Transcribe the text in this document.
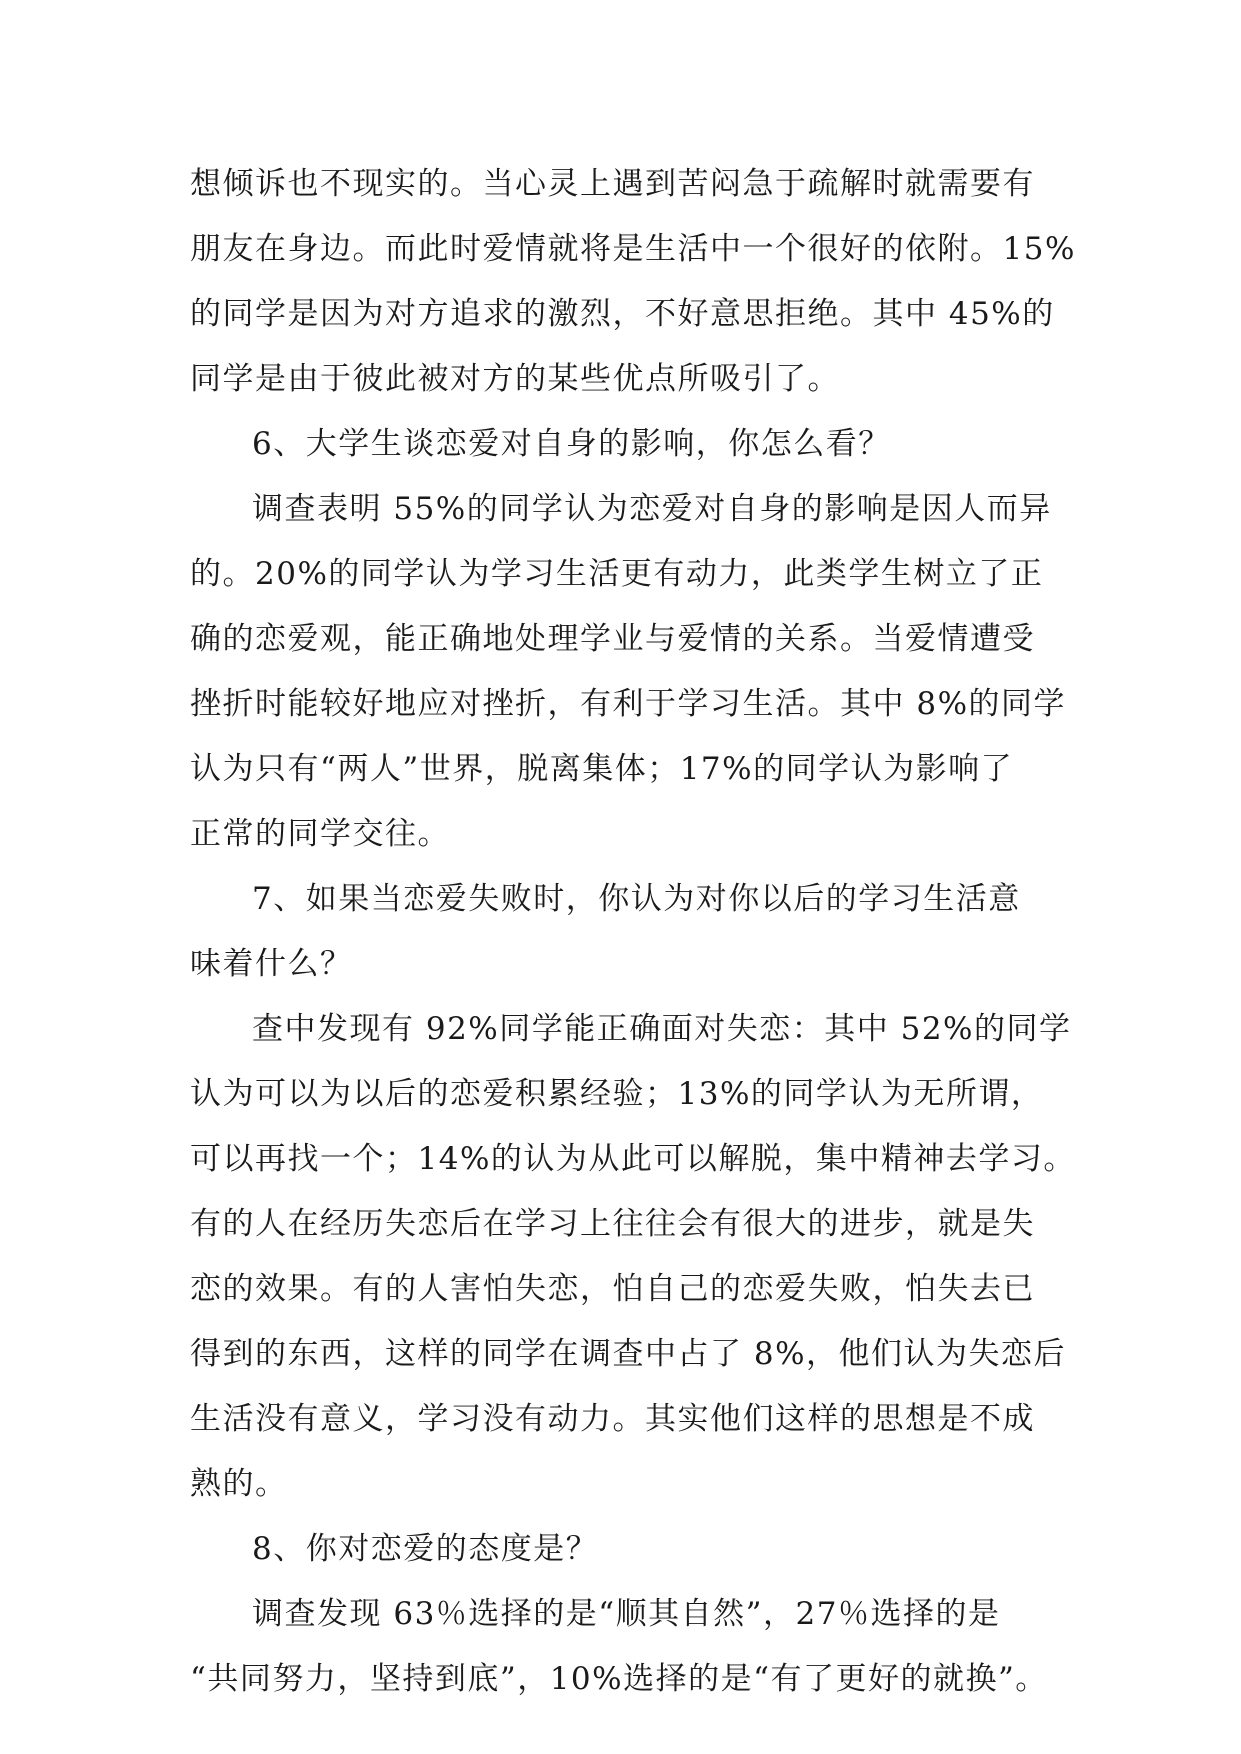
想倾诉也不现实的。当心灵上遇到苦闷急于疏解时就需要有
朋友在身边。而此时爱情就将是生活中一个很好的依附。15%
的同学是因为对方追求的激烈，不好意思拒绝。其中 45%的
同学是由于彼此被对方的某些优点所吸引了。
6、大学生谈恋爱对自身的影响，你怎么看？
调查表明 55%的同学认为恋爱对自身的影响是因人而异
的。20%的同学认为学习生活更有动力，此类学生树立了正
确的恋爱观，能正确地处理学业与爱情的关系。当爱情遭受
挫折时能较好地应对挫折，有利于学习生活。其中 8%的同学
认为只有“两人”世界，脱离集体；17%的同学认为影响了
正常的同学交往。
7、如果当恋爱失败时，你认为对你以后的学习生活意
味着什么？
查中发现有 92%同学能正确面对失恋：其中 52%的同学
认为可以为以后的恋爱积累经验；13%的同学认为无所谓，
可以再找一个；14%的认为从此可以解脱，集中精神去学习。
有的人在经历失恋后在学习上往往会有很大的进步，就是失
恋的效果。有的人害怕失恋，怕自己的恋爱失败，怕失去已
得到的东西，这样的同学在调查中占了 8%，他们认为失恋后
生活没有意义，学习没有动力。其实他们这样的思想是不成
熟的。
8、你对恋爱的态度是？
调查发现 63％选择的是“顺其自然”，27％选择的是
“共同努力，坚持到底”，10%选择的是“有了更好的就换”。
